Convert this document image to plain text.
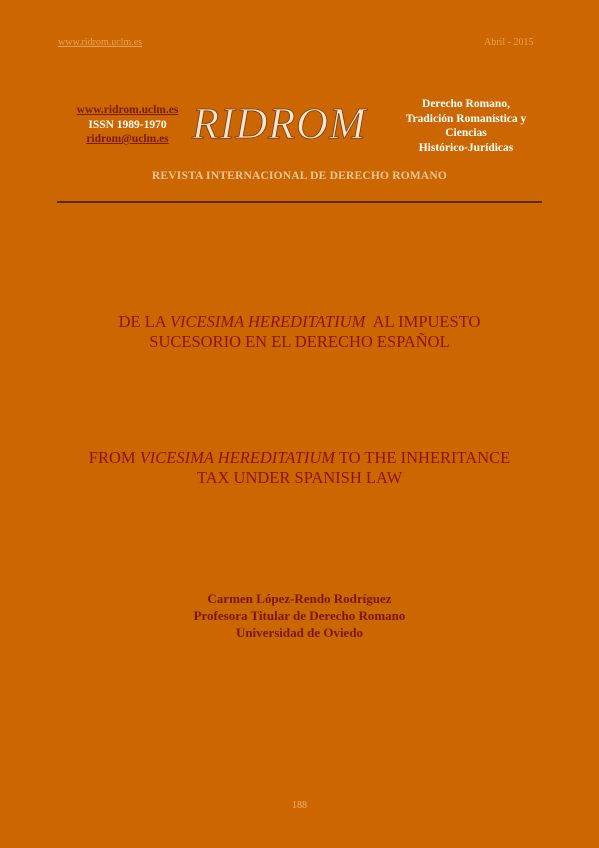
www.ridrom.uclm.es	Abril - 2015
www.ridrom.uclm.es
ISSN 1989-1970
ridrom@uclm.es RIDROM	Derecho Romano,
Tradición Romanística y
Ciencias
Histórico-Jurídicas
REVISTA INTERNACIONAL DE DERECHO ROMANO
DE LA VICESIMA HEREDITATIUM  AL IMPUESTO
SUCESORIO EN EL DERECHO ESPAÑOL
FROM VICESIMA HEREDITATIUM TO THE INHERITANCE
TAX UNDER SPANISH LAW
Carmen López-Rendo Rodríguez
Profesora Titular de Derecho Romano
Universidad de Oviedo
188
